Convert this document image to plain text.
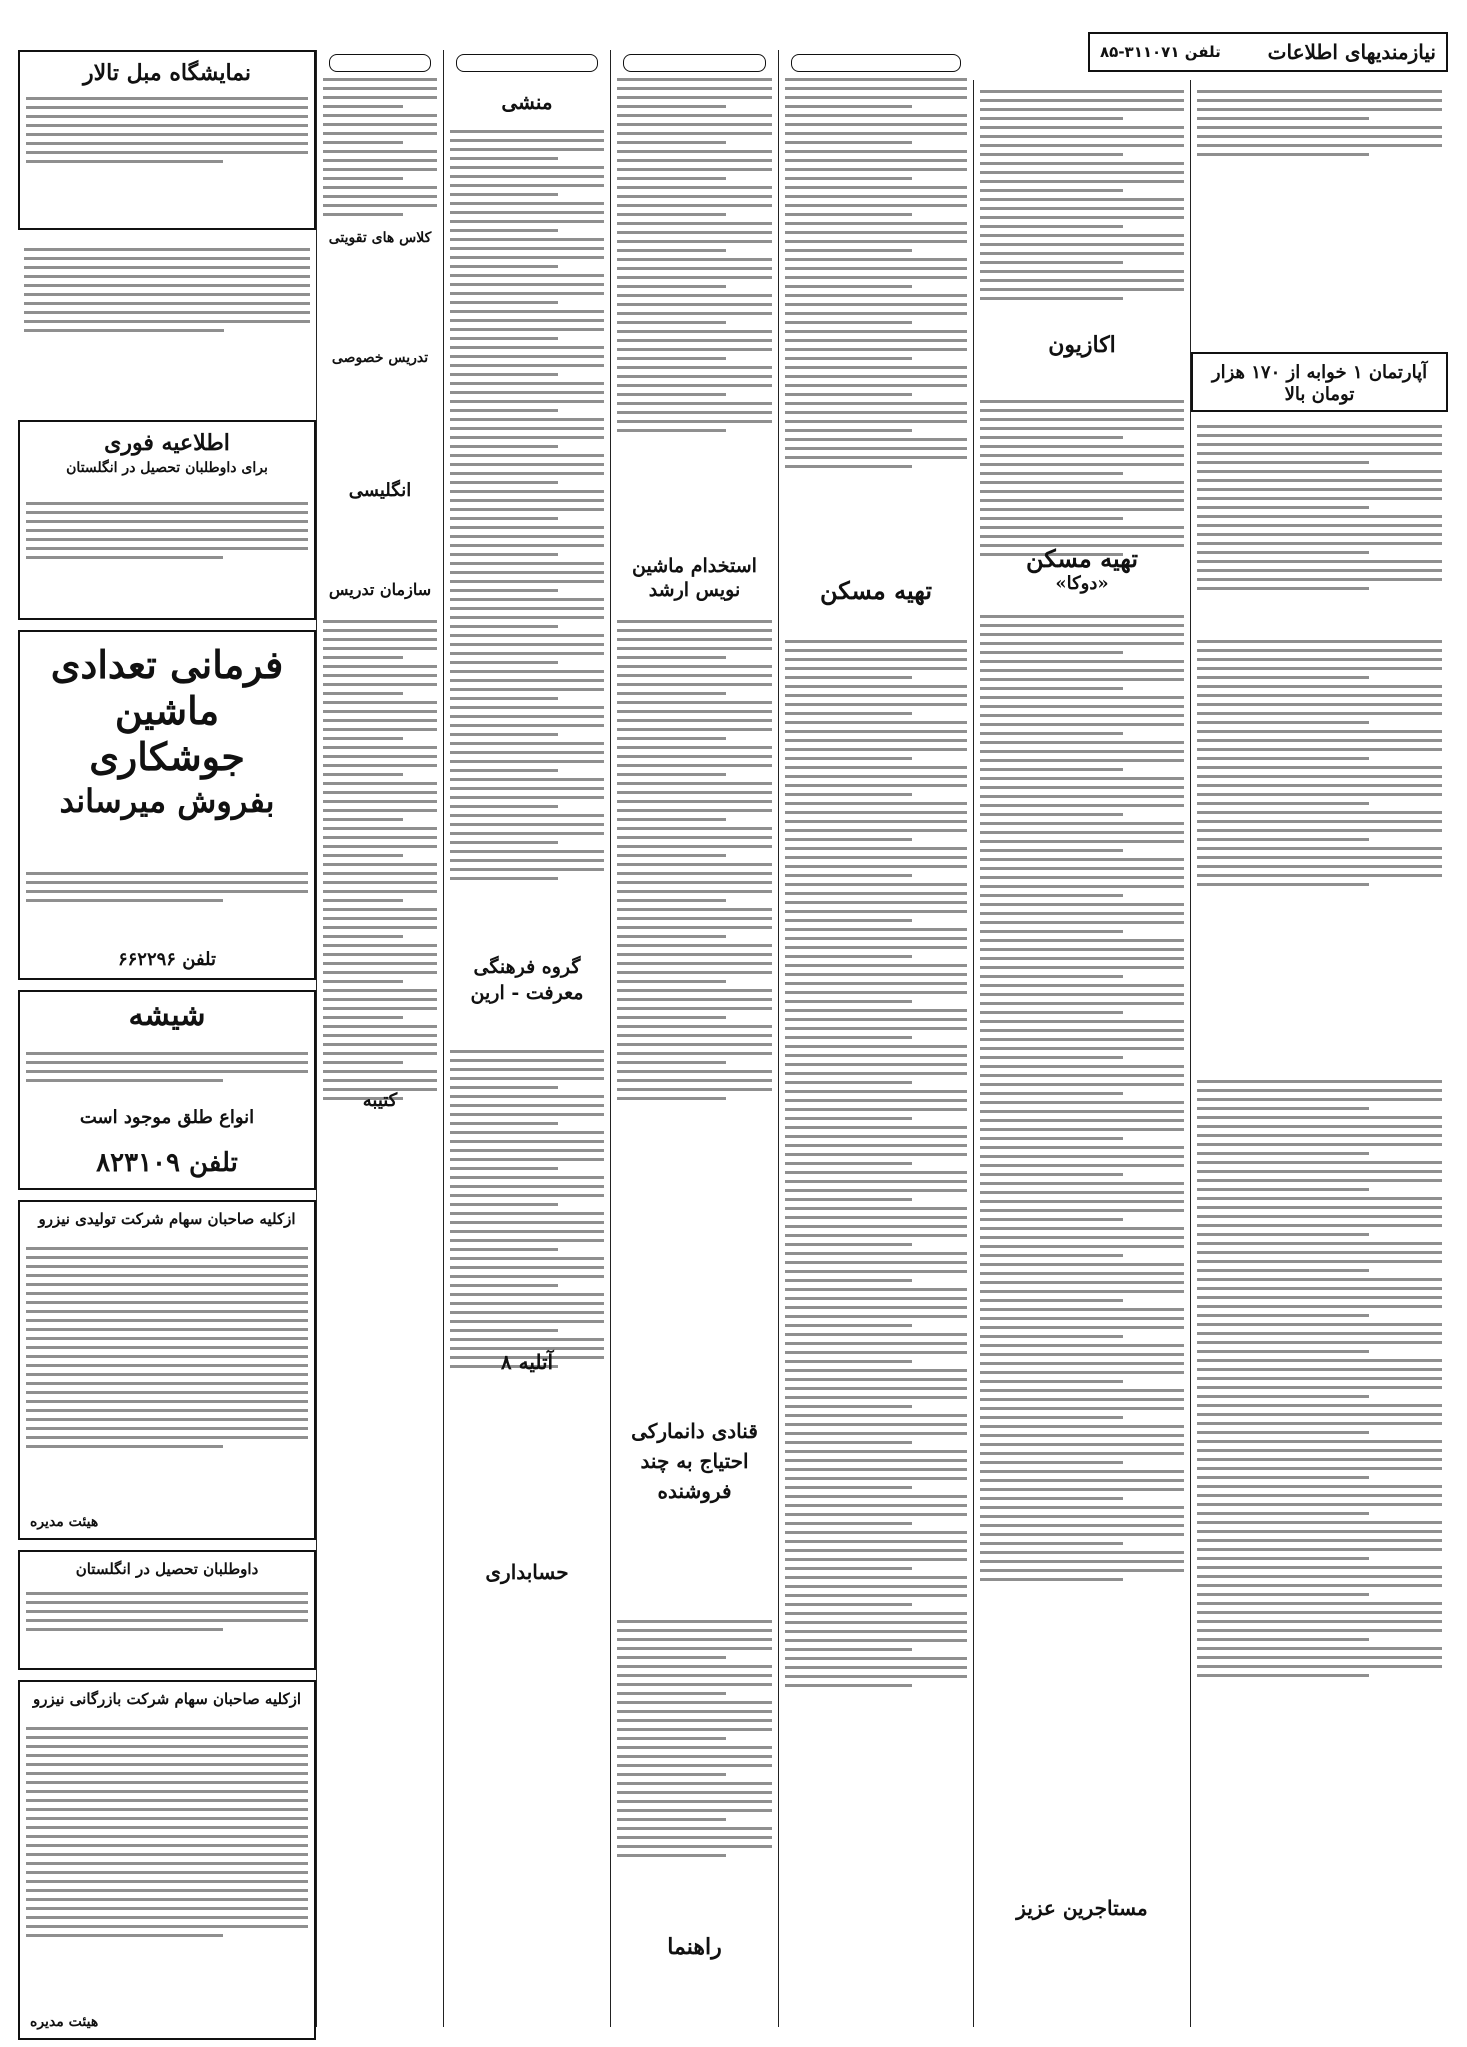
تلفن ۳۱۱۰۷۱-۸۵ نیازمندیهای اطلاعات
آپارتمان ۱ خوابه از ۱۷۰ هزار تومان بالا
اکازیون
تهیه مسکن
«دوکا»
مستاجرین عزیز
تهیه مسکن
استخدام ماشین نویس ارشد
قنادی دانمارکی احتیاج به چند فروشنده
راهنما
منشی
گروه فرهنگی معرفت - ارین
آتلیه ۸
حسابداری
کلاس های تقویتی
تدریس خصوصی
انگلیسی
سازمان تدریس
کتیبه
نمایشگاه مبل تالار
اطلاعیه فوری
برای داوطلبان تحصیل در انگلستان
فرمانی تعدادی
ماشین
جوشکاری
بفروش میرساند
تلفن ۶۶۲۲۹۶
شیشه
انواع طلق موجود است
تلفن ۸۲۳۱۰۹
ازکلیه صاحبان سهام شرکت تولیدی نیزرو
هیئت مدیره
داوطلبان تحصیل در انگلستان
ازکلیه صاحبان سهام شرکت بازرگانی نیزرو
هیئت مدیره
